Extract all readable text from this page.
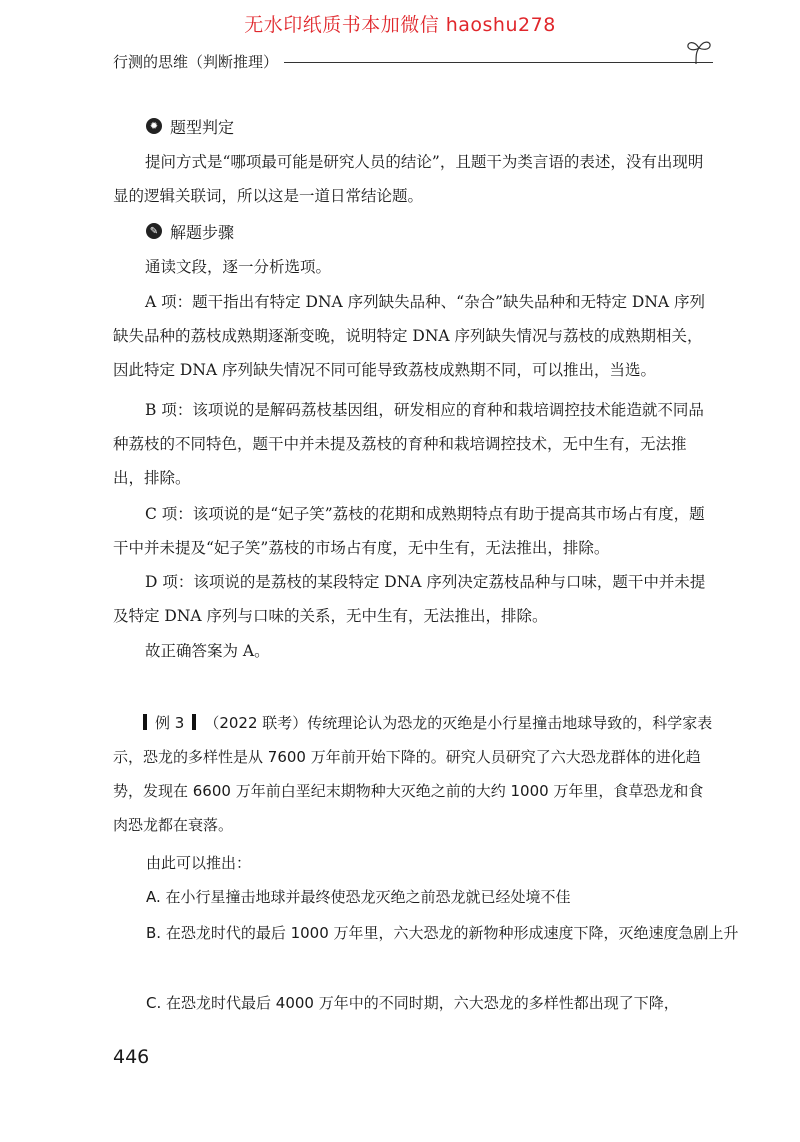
无水印纸质书本加微信 haoshu278
行测的思维（判断推理）
✹ 题型判定

提问方式是“哪项最可能是研究人员的结论”，且题干为类言语的表述，没有出现明显的逻辑关联词，所以这是一道日常结论题。

✎ 解题步骤

通读文段，逐一分析选项。

A 项：题干指出有特定 DNA 序列缺失品种、“杂合”缺失品种和无特定 DNA 序列缺失品种的荔枝成熟期逐渐变晚，说明特定 DNA 序列缺失情况与荔枝的成熟期相关，因此特定 DNA 序列缺失情况不同可能导致荔枝成熟期不同，可以推出，当选。

B 项：该项说的是解码荔枝基因组，研发相应的育种和栽培调控技术能造就不同品种荔枝的不同特色，题干中并未提及荔枝的育种和栽培调控技术，无中生有，无法推出，排除。

C 项：该项说的是“妃子笑”荔枝的花期和成熟期特点有助于提高其市场占有度，题干中并未提及“妃子笑”荔枝的市场占有度，无中生有，无法推出，排除。

D 项：该项说的是荔枝的某段特定 DNA 序列决定荔枝品种与口味，题干中并未提及特定 DNA 序列与口味的关系，无中生有，无法推出，排除。

故正确答案为 A。

例 3 （2022 联考）传统理论认为恐龙的灭绝是小行星撞击地球导致的，科学家表示，恐龙的多样性是从 7600 万年前开始下降的。研究人员研究了六大恐龙群体的进化趋势，发现在 6600 万年前白垩纪末期物种大灭绝之前的大约 1000 万年里，食草恐龙和食肉恐龙都在衰落。

由此可以推出：

A. 在小行星撞击地球并最终使恐龙灭绝之前恐龙就已经处境不佳

B. 在恐龙时代的最后 1000 万年里，六大恐龙的新物种形成速度下降，灭绝速度急剧上升

C. 在恐龙时代最后 4000 万年中的不同时期，六大恐龙的多样性都出现了下降，

446
